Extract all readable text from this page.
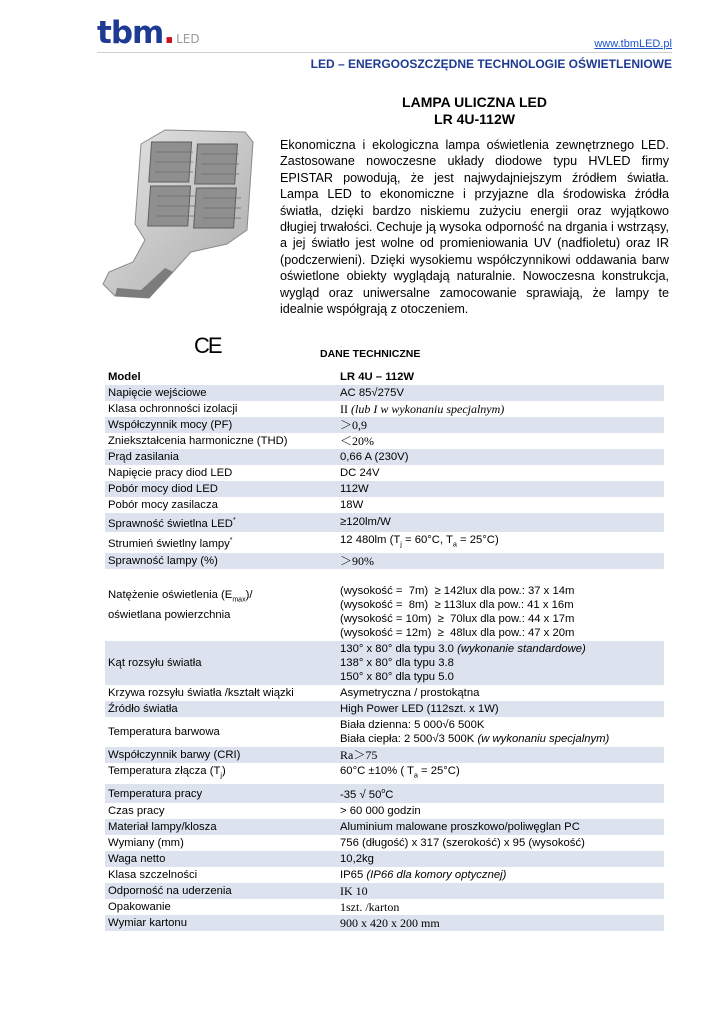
tbm. LED	www.tbmLED.pl
LED – ENERGOOSZCZĘDNE TECHNOLOGIE OŚWIETLENIOWE
LAMPA ULICZNA LED
LR 4U-112W
Ekonomiczna i ekologiczna lampa oświetlenia zewnętrznego LED. Zastosowane nowoczesne układy diodowe typu HVLED firmy EPISTAR powodują, że jest najwydajniejszym źródłem światła. Lampa LED to ekonomiczne i przyjazne dla środowiska źródła światła, dzięki bardzo niskiemu zużyciu energii oraz wyjątkowo długiej trwałości. Cechuje ją wysoka odporność na drgania i wstrząsy, a jej światło jest wolne od promieniowania UV (nadfioletu) oraz IR (podczerwieni). Dzięki wysokiemu współczynnikowi oddawania barw oświetlone obiekty wyglądają naturalnie. Nowoczesna konstrukcja, wygląd oraz uniwersalne zamocowanie sprawiają, że lampy te idealnie współgrają z otoczeniem.
CE	DANE TECHNICZNE
Model	LR 4U – 112W
Napięcie wejściowe	AC 85√275V
Klasa ochronności izolacji	II (lub I w wykonaniu specjalnym)
Współczynnik mocy (PF)	＞0,9
Zniekształcenia harmoniczne (THD)	＜20%
Prąd zasilania	0,66 A (230V)
Napięcie pracy diod LED	DC 24V
Pobór mocy diod LED	112W
Pobór mocy zasilacza	18W
Sprawność świetlna LED*	≥120lm/W
Strumień świetlny lampy*	12 480lm ($T_j = 60^\circ C$, $T_a = 25^\circ C$)
Sprawność lampy (%)	＞90%
Natężenie oświetlenia $(E_{max})/$
oświetlana powierzchnia	(wysokość =  7m)  ≥ 142lux dla pow.: 37 x 14m
(wysokość =  8m)  ≥ 113lux dla pow.: 41 x 16m
(wysokość = 10m)  ≥  70lux dla pow.: 44 x 17m
(wysokość = 12m)  ≥  48lux dla pow.: 47 x 20m
Kąt rozsyłu światła	130° x 80° dla typu 3.0 (wykonanie standardowe)
138° x 80° dla typu 3.8
150° x 80° dla typu 5.0
Krzywa rozsyłu światła /kształt wiązki	Asymetryczna / prostokątna
Źródło światła	High Power LED (112szt. x 1W)
Temperatura barwowa	Biała dzienna: 5 000√6 500K
Biała ciepła: 2 500√3 500K (w wykonaniu specjalnym)
Współczynnik barwy (CRI)	Ra＞75
Temperatura złącza $(T_j)$	60°C ±10% ( $T_a = 25^\circ C$)
Temperatura pracy	-35 √ 50$^o$C
Czas pracy	> 60 000 godzin
Materiał lampy/klosza	Aluminium malowane proszkowo/poliwęglan PC
Wymiany (mm)	756 (długość) x 317 (szerokość) x 95 (wysokość)
Waga netto	10,2kg
Klasa szczelności	IP65 (IP66 dla komory optycznej)
Odporność na uderzenia	IK 10
Opakowanie	1szt. /karton
Wymiar kartonu	900 x 420 x 200 mm
